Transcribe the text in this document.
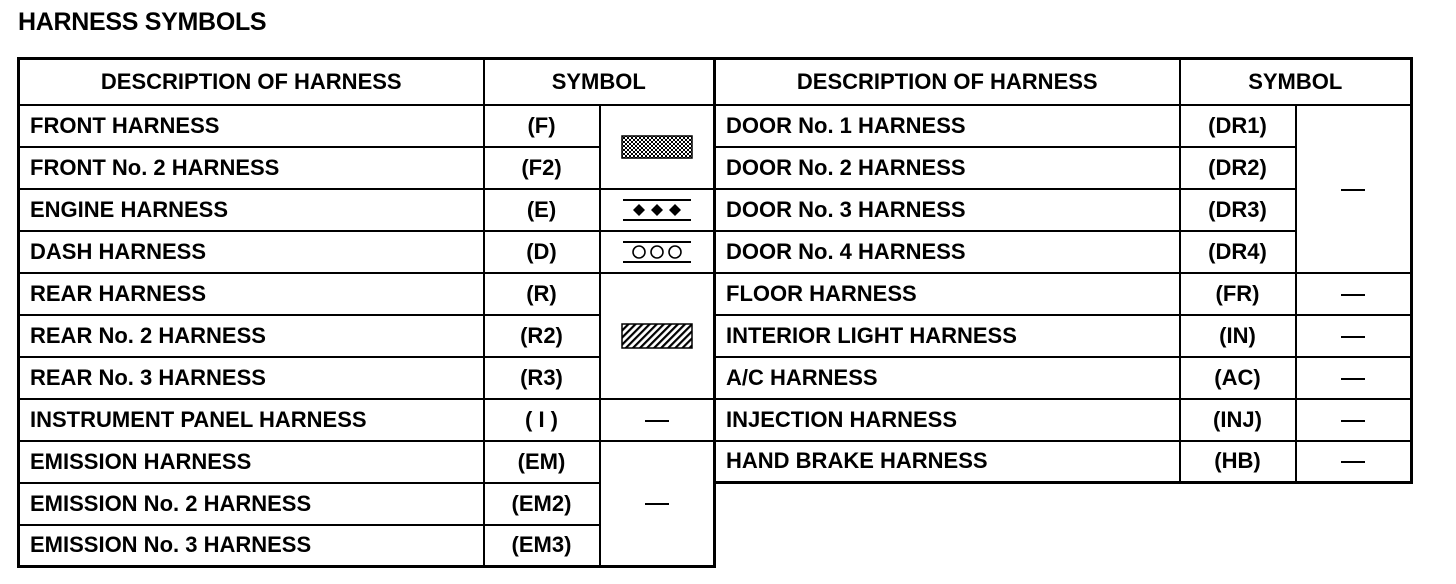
HARNESS SYMBOLS
DESCRIPTION OF HARNESS	SYMBOL	
FRONT HARNESS	(F)	

FRONT No. 2 HARNESS	(F2)	
ENGINE HARNESS	(E)	

DASH HARNESS	(D)	

REAR HARNESS	(R)	

REAR No. 2 HARNESS	(R2)	
REAR No. 3 HARNESS	(R3)	
INSTRUMENT PANEL HARNESS	( I )	
EMISSION HARNESS	(EM)	
EMISSION No. 2 HARNESS	(EM2)	
EMISSION No. 3 HARNESS	(EM3)	
DESCRIPTION OF HARNESS	SYMBOL	
DOOR No. 1 HARNESS	(DR1)	
DOOR No. 2 HARNESS	(DR2)	
DOOR No. 3 HARNESS	(DR3)	
DOOR No. 4 HARNESS	(DR4)	
FLOOR HARNESS	(FR)	
INTERIOR LIGHT HARNESS	(IN)	
A/C HARNESS	(AC)	
INJECTION HARNESS	(INJ)	
HAND BRAKE HARNESS	(HB)	
